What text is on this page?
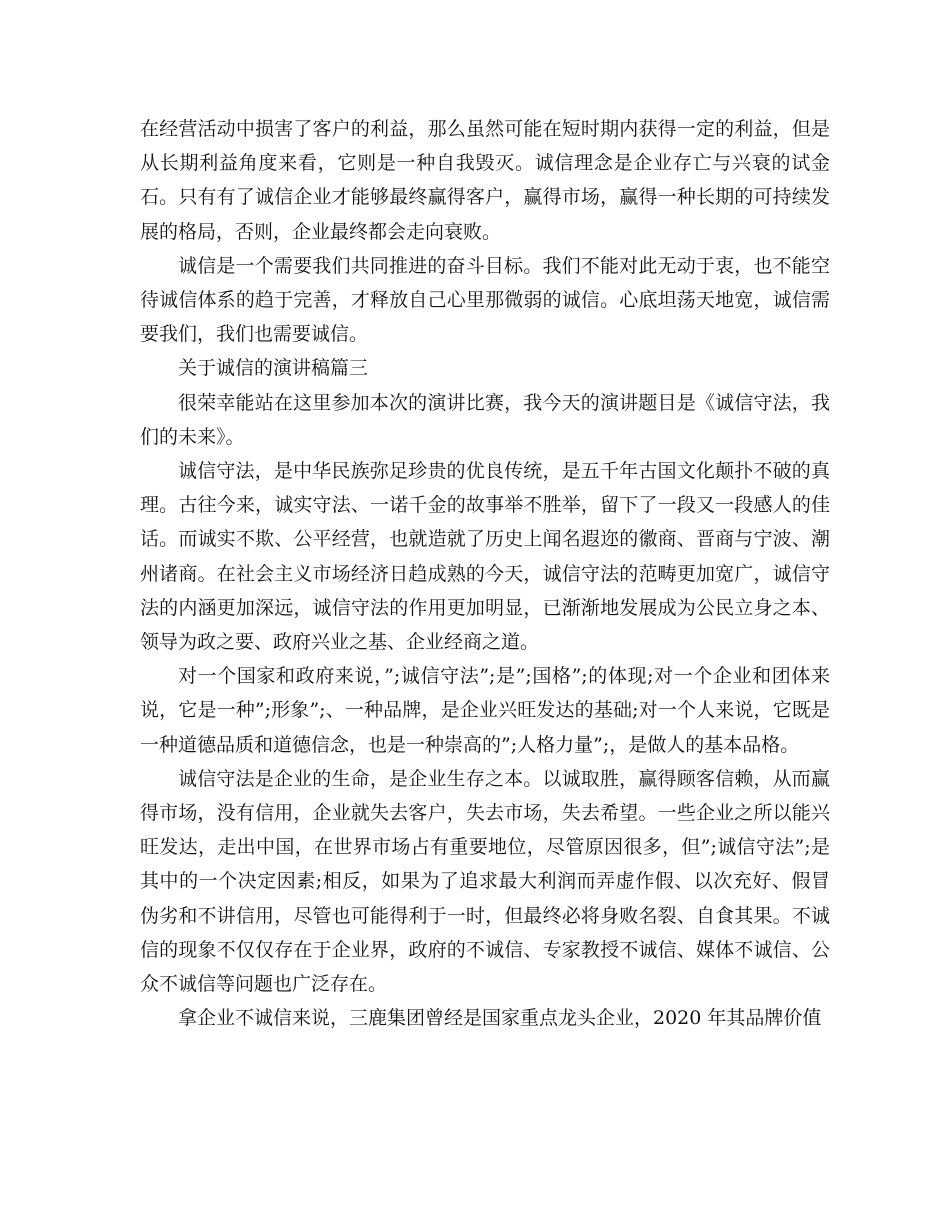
在经营活动中损害了客户的利益，那么虽然可能在短时期内获得一定的利益，但是从长期利益角度来看，它则是一种自我毁灭。诚信理念是企业存亡与兴衰的试金石。只有有了诚信企业才能够最终赢得客户，赢得市场，赢得一种长期的可持续发展的格局，否则，企业最终都会走向衰败。

诚信是一个需要我们共同推进的奋斗目标。我们不能对此无动于衷，也不能空待诚信体系的趋于完善，才释放自己心里那微弱的诚信。心底坦荡天地宽，诚信需要我们，我们也需要诚信。

关于诚信的演讲稿篇三

很荣幸能站在这里参加本次的演讲比赛，我今天的演讲题目是《诚信守法，我们的未来》。

诚信守法，是中华民族弥足珍贵的优良传统，是五千年古国文化颠扑不破的真理。古往今来，诚实守法、一诺千金的故事举不胜举，留下了一段又一段感人的佳话。而诚实不欺、公平经营，也就造就了历史上闻名遐迩的徽商、晋商与宁波、潮州诸商。在社会主义市场经济日趋成熟的今天，诚信守法的范畴更加宽广，诚信守法的内涵更加深远，诚信守法的作用更加明显，已渐渐地发展成为公民立身之本、领导为政之要、政府兴业之基、企业经商之道。

对一个国家和政府来说，”;诚信守法”;是”;国格”;的体现;对一个企业和团体来说，它是一种”;形象”;、一种品牌，是企业兴旺发达的基础;对一个人来说，它既是一种道德品质和道德信念，也是一种崇高的”;人格力量”;，是做人的基本品格。

诚信守法是企业的生命，是企业生存之本。以诚取胜，赢得顾客信赖，从而赢得市场，没有信用，企业就失去客户，失去市场，失去希望。一些企业之所以能兴旺发达，走出中国，在世界市场占有重要地位，尽管原因很多，但”;诚信守法”;是其中的一个决定因素;相反，如果为了追求最大利润而弄虚作假、以次充好、假冒伪劣和不讲信用，尽管也可能得利于一时，但最终必将身败名裂、自食其果。不诚信的现象不仅仅存在于企业界，政府的不诚信、专家教授不诚信、媒体不诚信、公众不诚信等问题也广泛存在。

拿企业不诚信来说，三鹿集团曾经是国家重点龙头企业，2020 年其品牌价值
